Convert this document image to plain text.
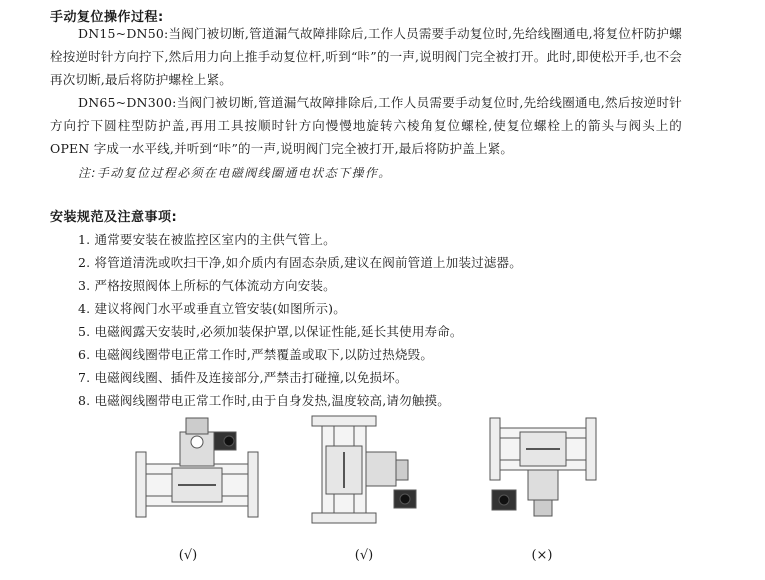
手动复位操作过程:

DN15~DN50:当阀门被切断,管道漏气故障排除后,工作人员需要手动复位时,先给线圈通电,将复位杆防护螺栓按逆时针方向拧下,然后用力向上推手动复位杆,听到“咔”的一声,说明阀门完全被打开。此时,即使松开手,也不会再次切断,最后将防护螺栓上紧。

DN65~DN300:当阀门被切断,管道漏气故障排除后,工作人员需要手动复位时,先给线圈通电,然后按逆时针方向拧下圆柱型防护盖,再用工具按顺时针方向慢慢地旋转六棱角复位螺栓,使复位螺栓上的箭头与阀头上的 OPEN 字成一水平线,并听到“咔”的一声,说明阀门完全被打开,最后将防护盖上紧。

注:手动复位过程必须在电磁阀线圈通电状态下操作。
安装规范及注意事项:
1. 通常要安装在被监控区室内的主供气管上。
2. 将管道清洗或吹扫干净,如介质内有固态杂质,建议在阀前管道上加装过滤器。
3. 严格按照阀体上所标的气体流动方向安装。
4. 建议将阀门水平或垂直立管安装(如图所示)。
5. 电磁阀露天安装时,必须加装保护罩,以保证性能,延长其使用寿命。
6. 电磁阀线圈带电正常工作时,严禁覆盖或取下,以防过热烧毁。
7. 电磁阀线圈、插件及连接部分,严禁击打碰撞,以免损坏。
8. 电磁阀线圈带电正常工作时,由于自身发热,温度较高,请勿触摸。
(√)	(√)	(×)
